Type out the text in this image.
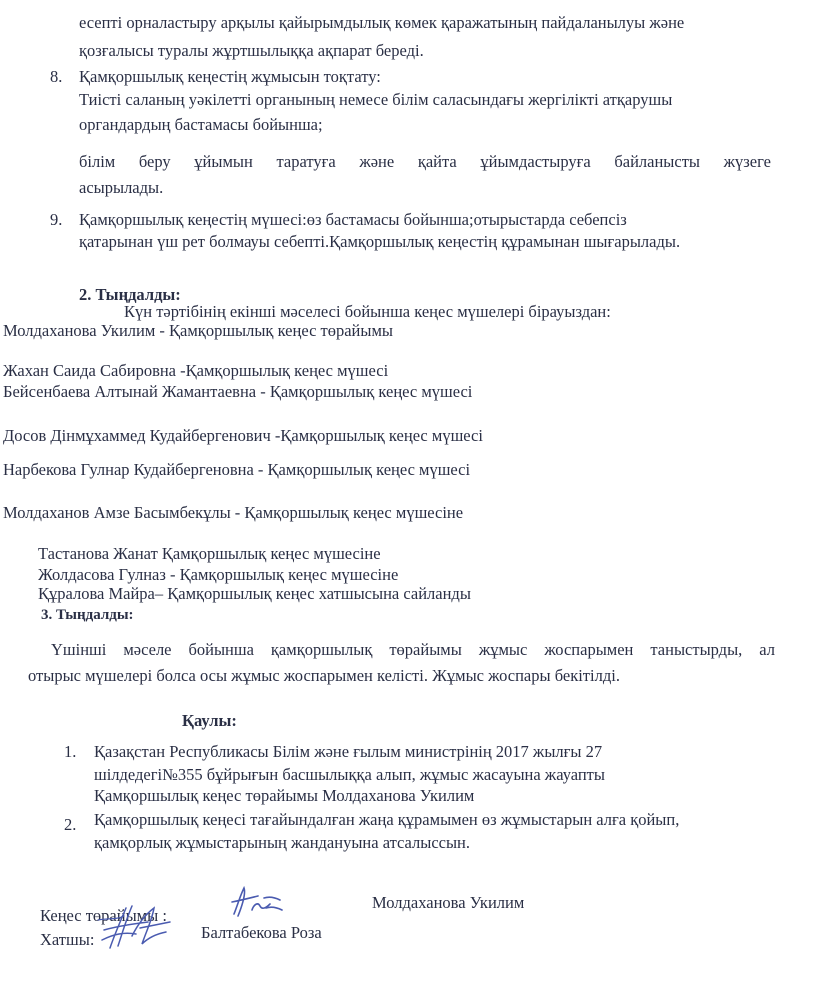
есепті орналастыру арқылы қайырымдылық көмек қаражатының пайдаланылуы және
қозғалысы туралы жұртшылыққа ақпарат береді.
8. Қамқоршылық кеңестің жұмысын тоқтату:
Тиісті саланың уәкілетті органының немесе білім саласындағы жергілікті атқарушы
органдардың бастамасы бойынша;
білім беру ұйымын таратуға және қайта ұйымдастыруға байланысты жүзеге
асырылады.
9. Қамқоршылық кеңестің мүшесі:өз бастамасы бойынша;отырыстарда себепсіз
қатарынан үш рет болмауы себепті.Қамқоршылық кеңестің құрамынан шығарылады.
2. Тыңдалды:
Күн тәртібінің екінші мәселесі бойынша кеңес мүшелері бірауыздан:
Молдаханова Укилим - Қамқоршылық кеңес төрайымы
Жахан Саида Сабировна -Қамқоршылық кеңес мүшесі
Бейсенбаева Алтынай Жамантаевна - Қамқоршылық кеңес мүшесі
Досов Дінмұхаммед Кудайбергенович -Қамқоршылық кеңес мүшесі
Нарбекова Гулнар Кудайбергеновна - Қамқоршылық кеңес мүшесі
Молдаханов Амзе Басымбекұлы - Қамқоршылық кеңес мүшесіне
Тастанова Жанат Қамқоршылық кеңес мүшесіне
Жолдасова Гулназ - Қамқоршылық кеңес мүшесіне
Құралова Майра– Қамқоршылық кеңес хатшысына сайланды
3. Тыңдалды:
Үшінші мәселе бойынша қамқоршылық төрайымы жұмыс жоспарымен таныстырды, ал
отырыс мүшелері болса осы жұмыс жоспарымен келісті. Жұмыс жоспары бекітілді.
Қаулы:
1. Қазақстан Республикасы Білім және ғылым министрінің 2017 жылғы 27
шілдедегі№355 бұйрығын басшылыққа алып, жұмыс жасауына жауапты
Қамқоршылық кеңес төрайымы Молдаханова Укилим
2. Қамқоршылық кеңесі тағайындалған жаңа құрамымен өз жұмыстарын алға қойып,
қамқорлық жұмыстарының жандануына атсалыссын.
Кеңес төрайымы :
Молдаханова Укилим
Хатшы:	Балтабекова Роза
